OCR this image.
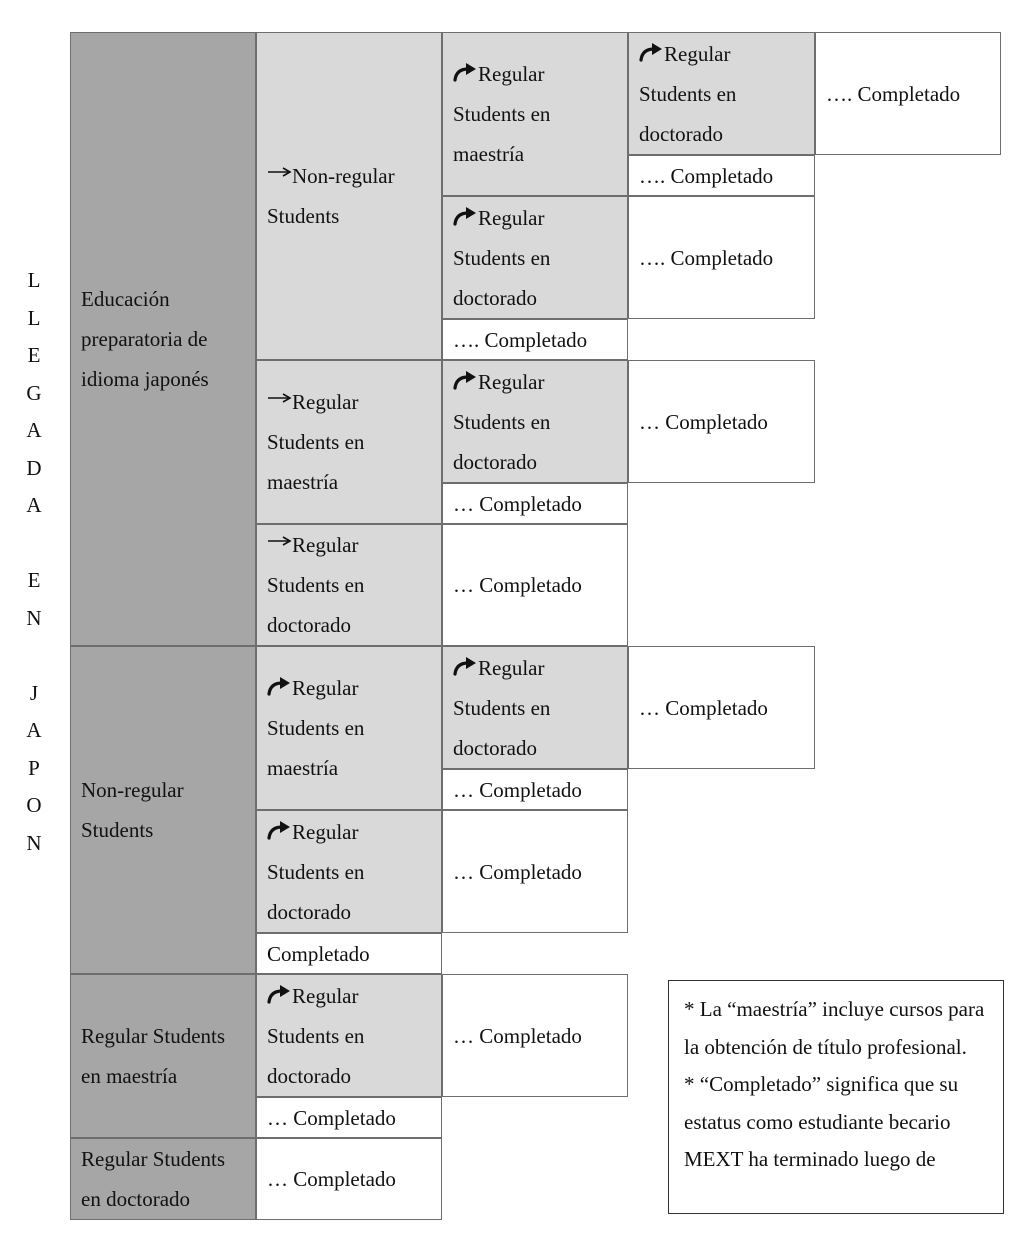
L
L
E
G
A
D
A
E
N
J
A
P
O
N
Educación
preparatoria de
idioma japonés
Non-regular
Students
Regular Students
en maestría
Regular Students
en doctorado
Non-regular
Students
Regular
Students en
maestría
Regular
Students en
doctorado
…. Completado
…. Completado
Regular
Students en
doctorado
…. Completado
…. Completado
Regular
Students en
maestría
Regular
Students en
doctorado
… Completado
… Completado
Regular
Students en
doctorado
… Completado
Regular
Students en
maestría
Regular
Students en
doctorado
… Completado
… Completado
Regular
Students en
doctorado
… Completado
Completado
Regular
Students en
doctorado
… Completado
… Completado
… Completado

* La “maestría” incluye cursos para la obtención de título profesional.

* “Completado” significa que su estatus como estudiante becario MEXT ha terminado luego de
